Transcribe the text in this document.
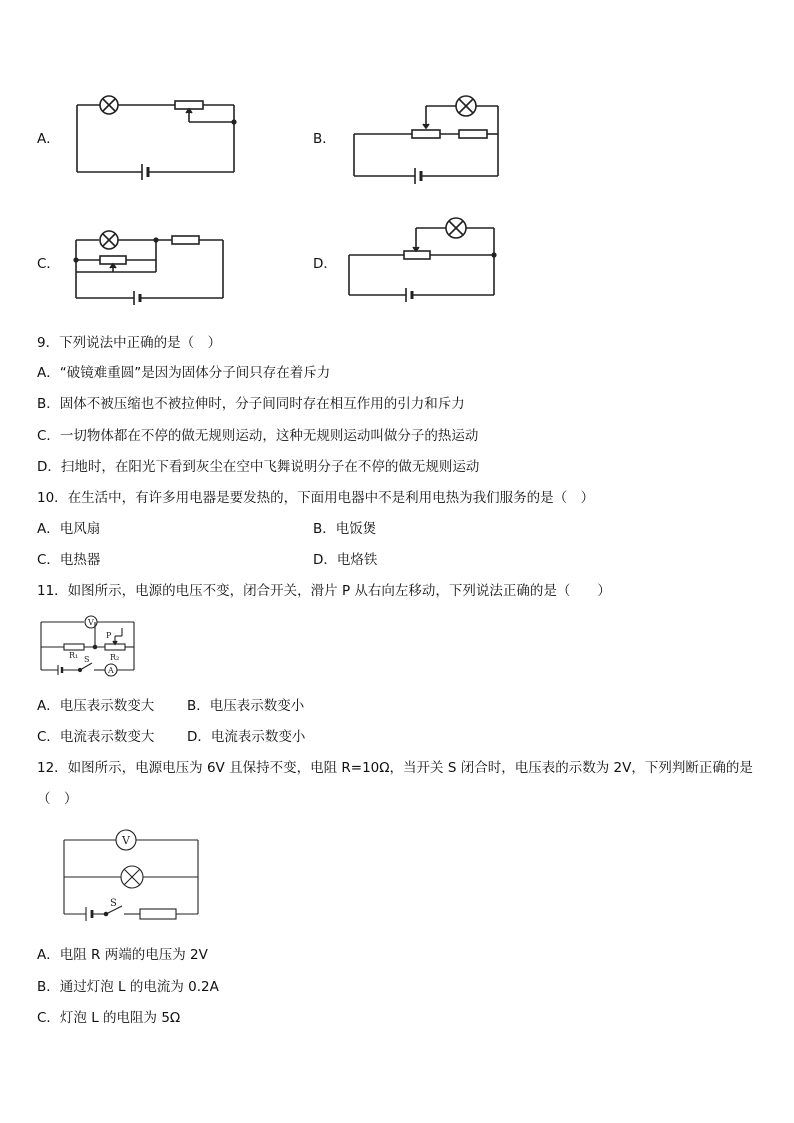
A．	B．
C．	D．
9．下列说法中正确的是（　）
A．“破镜难重圆”是因为固体分子间只存在着斥力
B．固体不被压缩也不被拉伸时，分子间同时存在相互作用的引力和斥力
C．一切物体都在不停的做无规则运动，这种无规则运动叫做分子的热运动
D．扫地时，在阳光下看到灰尘在空中飞舞说明分子在不停的做无规则运动
10．在生活中，有许多用电器是要发热的，下面用电器中不是利用电热为我们服务的是（　）
A．电风扇	B．电饭煲
C．电热器	D．电烙铁
11．如图所示，电源的电压不变，闭合开关，滑片 P 从右向左移动，下列说法正确的是（　　）
V
R₁	R₂
P
S
A
A．电压表示数变大 B．电压表示数变小
C．电流表示数变大 D．电流表示数变小
12．如图所示，电源电压为 6V 且保持不变，电阻 R=10Ω，当开关 S 闭合时，电压表的示数为 2V，下列判断正确的是
（　）
V
S
A．电阻 R 两端的电压为 2V
B．通过灯泡 L 的电流为 0.2A
C．灯泡 L 的电阻为 5Ω
